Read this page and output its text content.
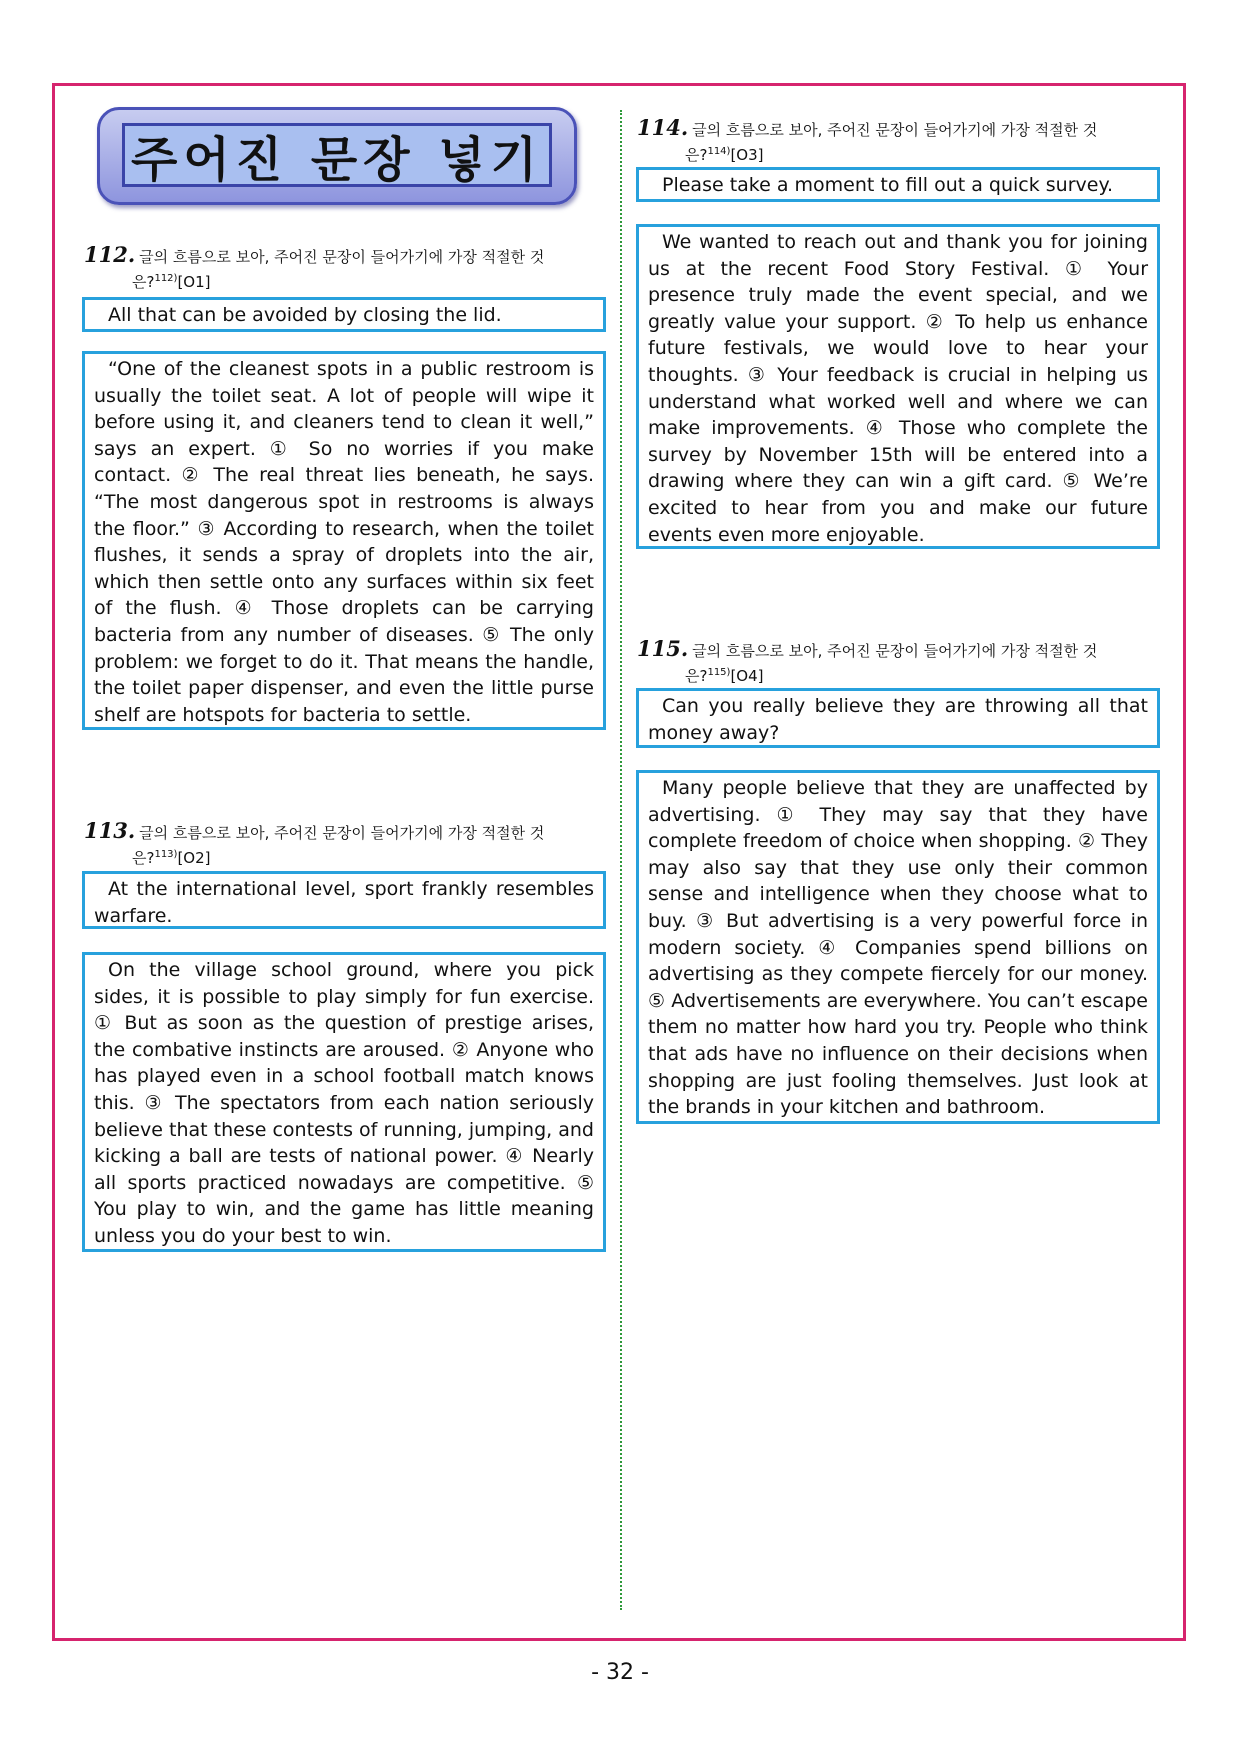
주어진 문장 넣기
112. 글의 흐름으로 보아, 주어진 문장이 들어가기에 가장 적절한 것
은?$^{112)}$[O1]

All that can be avoided by closing the lid.

“One of the cleanest spots in a public restroom is usually the toilet seat. A lot of people will wipe it before using it, and cleaners tend to clean it well,” says an expert. ① So no worries if you make contact. ② The real threat lies beneath, he says. “The most dangerous spot in restrooms is always the floor.” ③ According to research, when the toilet flushes, it sends a spray of droplets into the air, which then settle onto any surfaces within six feet of the flush. ④ Those droplets can be carrying bacteria from any number of diseases. ⑤ The only problem: we forget to do it. That means the handle, the toilet paper dispenser, and even the little purse shelf are hotspots for bacteria to settle.

113. 글의 흐름으로 보아, 주어진 문장이 들어가기에 가장 적절한 것
은?$^{113)}$[O2]

At the international level, sport frankly resembles warfare.

On the village school ground, where you pick sides, it is possible to play simply for fun exercise. ① But as soon as the question of prestige arises, the combative instincts are aroused. ② Anyone who has played even in a school football match knows this. ③ The spectators from each nation seriously believe that these contests of running, jumping, and kicking a ball are tests of national power. ④ Nearly all sports practiced nowadays are competitive. ⑤ You play to win, and the game has little meaning unless you do your best to win.

114. 글의 흐름으로 보아, 주어진 문장이 들어가기에 가장 적절한 것
은?$^{114)}$[O3]

Please take a moment to fill out a quick survey.

We wanted to reach out and thank you for joining us at the recent Food Story Festival. ① Your presence truly made the event special, and we greatly value your support. ② To help us enhance future festivals, we would love to hear your thoughts. ③ Your feedback is crucial in helping us understand what worked well and where we can make improvements. ④ Those who complete the survey by November 15th will be entered into a drawing where they can win a gift card. ⑤ We’re excited to hear from you and make our future events even more enjoyable.

115. 글의 흐름으로 보아, 주어진 문장이 들어가기에 가장 적절한 것
은?$^{115)}$[O4]

Can you really believe they are throwing all that money away?

Many people believe that they are unaffected by advertising. ① They may say that they have complete freedom of choice when shopping. ② They may also say that they use only their common sense and intelligence when they choose what to buy. ③ But advertising is a very powerful force in modern society. ④ Companies spend billions on advertising as they compete fiercely for our money. ⑤ Advertisements are everywhere. You can’t escape them no matter how hard you try. People who think that ads have no influence on their decisions when shopping are just fooling themselves. Just look at the brands in your kitchen and bathroom.

- 32 -
